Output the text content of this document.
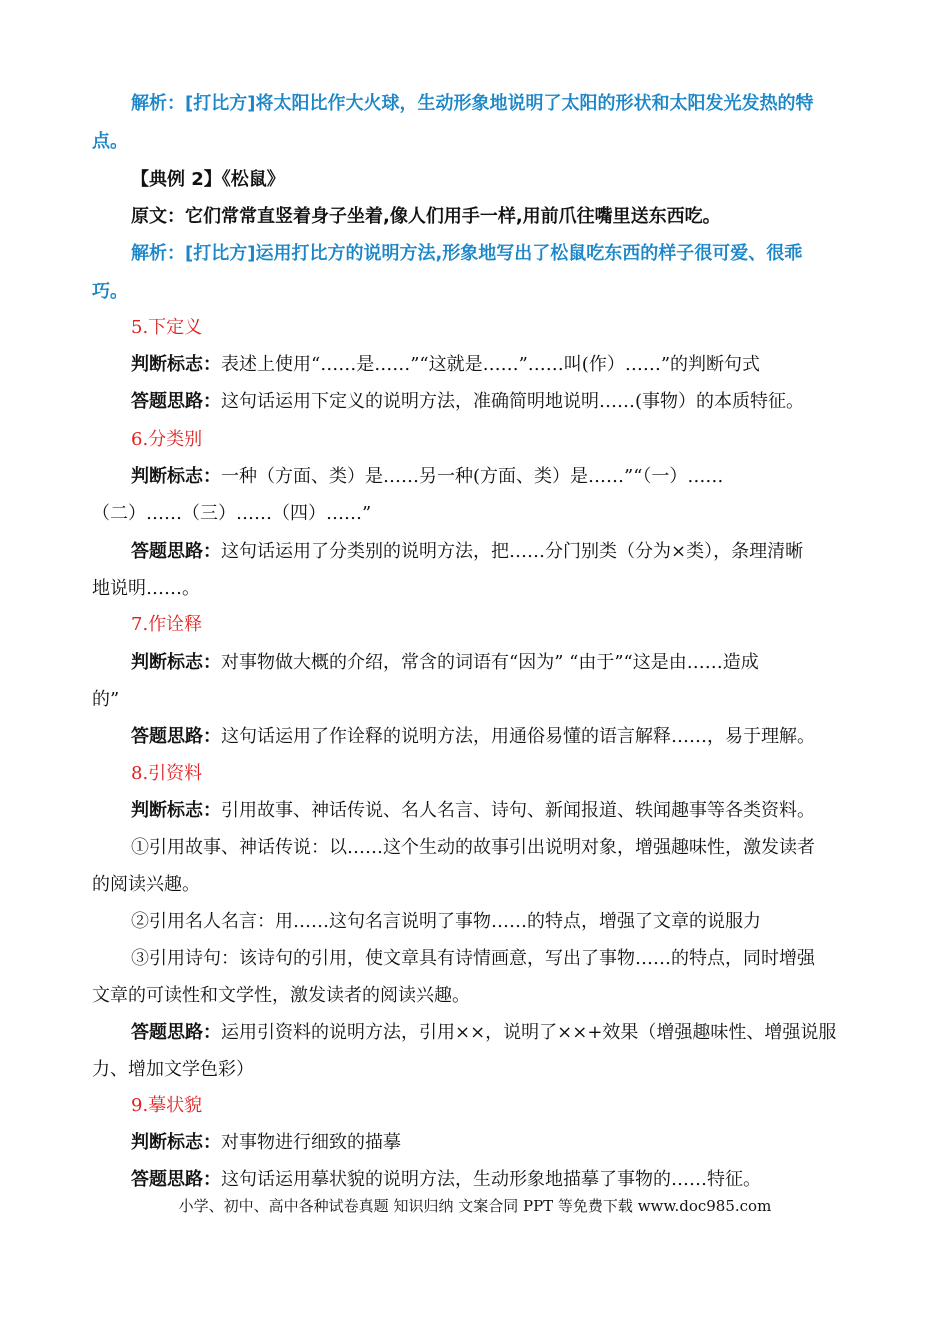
解析：[打比方]将太阳比作大火球，生动形象地说明了太阳的形状和太阳发光发热的特
点。
【典例 2】《松鼠》
原文：它们常常直竖着身子坐着,像人们用手一样,用前爪往嘴里送东西吃。
解析：[打比方]运用打比方的说明方法,形象地写出了松鼠吃东西的样子很可爱、很乖
巧。
5.下定义
判断标志：表述上使用“……是……”“这就是……”……叫(作）……”的判断句式
答题思路：这句话运用下定义的说明方法，准确简明地说明……(事物）的本质特征。
6.分类别
判断标志：一种（方面、类）是……另一种(方面、类）是……”“（一）……
（二）……（三）……（四）……”
答题思路：这句话运用了分类别的说明方法，把……分门别类（分为×类），条理清晰
地说明……。
7.作诠释
判断标志：对事物做大概的介绍，常含的词语有“因为” “由于”“这是由……造成
的”
答题思路：这句话运用了作诠释的说明方法，用通俗易懂的语言解释……，易于理解。
8.引资料
判断标志：引用故事、神话传说、名人名言、诗句、新闻报道、轶闻趣事等各类资料。
①引用故事、神话传说：以……这个生动的故事引出说明对象，增强趣味性，激发读者
的阅读兴趣。
②引用名人名言：用……这句名言说明了事物……的特点，增强了文章的说服力
③引用诗句：该诗句的引用，使文章具有诗情画意，写出了事物……的特点，同时增强
文章的可读性和文学性，激发读者的阅读兴趣。
答题思路：运用引资料的说明方法，引用××，说明了××+效果（增强趣味性、增强说服
力、增加文学色彩）
9.摹状貌
判断标志：对事物进行细致的描摹
答题思路：这句话运用摹状貌的说明方法，生动形象地描摹了事物的……特征。
小学、初中、高中各种试卷真题 知识归纳 文案合同 PPT 等免费下载 www.doc985.com
